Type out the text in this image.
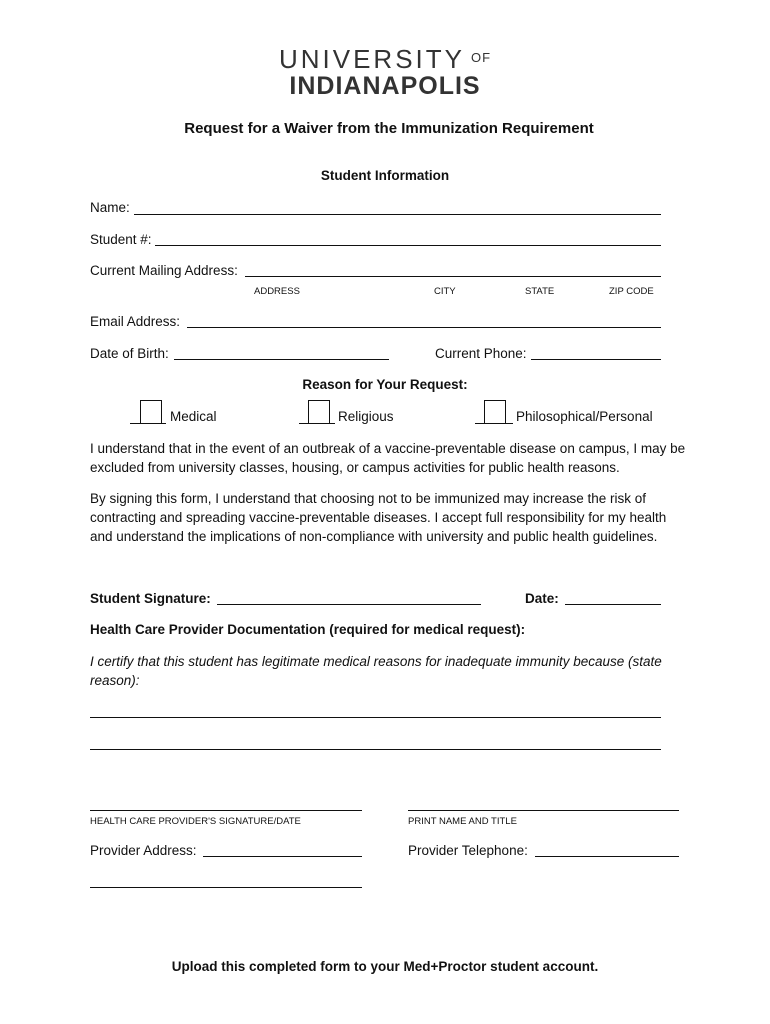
UNIVERSITY $^{OF}$
INDIANAPOLIS
Request for a Waiver from the Immunization Requirement
Student Information
Name:
Student #:
Current Mailing Address:
ADDRESS	CITY	STATE	ZIP CODE
Email Address:
Date of Birth:	Current Phone:
Reason for Your Request:
Medical	Religious	Philosophical/Personal
I understand that in the event of an outbreak of a vaccine-preventable disease on campus, I may be excluded from university classes, housing, or campus activities for public health reasons.
By signing this form, I understand that choosing not to be immunized may increase the risk of contracting and spreading vaccine-preventable diseases. I accept full responsibility for my health and understand the implications of non-compliance with university and public health guidelines.
Student Signature:	Date:
Health Care Provider Documentation (required for medical request):
I certify that this student has legitimate medical reasons for inadequate immunity because (state reason):
HEALTH CARE PROVIDER'S SIGNATURE/DATE	PRINT NAME AND TITLE
Provider Address:	Provider Telephone:
Upload this completed form to your Med+Proctor student account.
